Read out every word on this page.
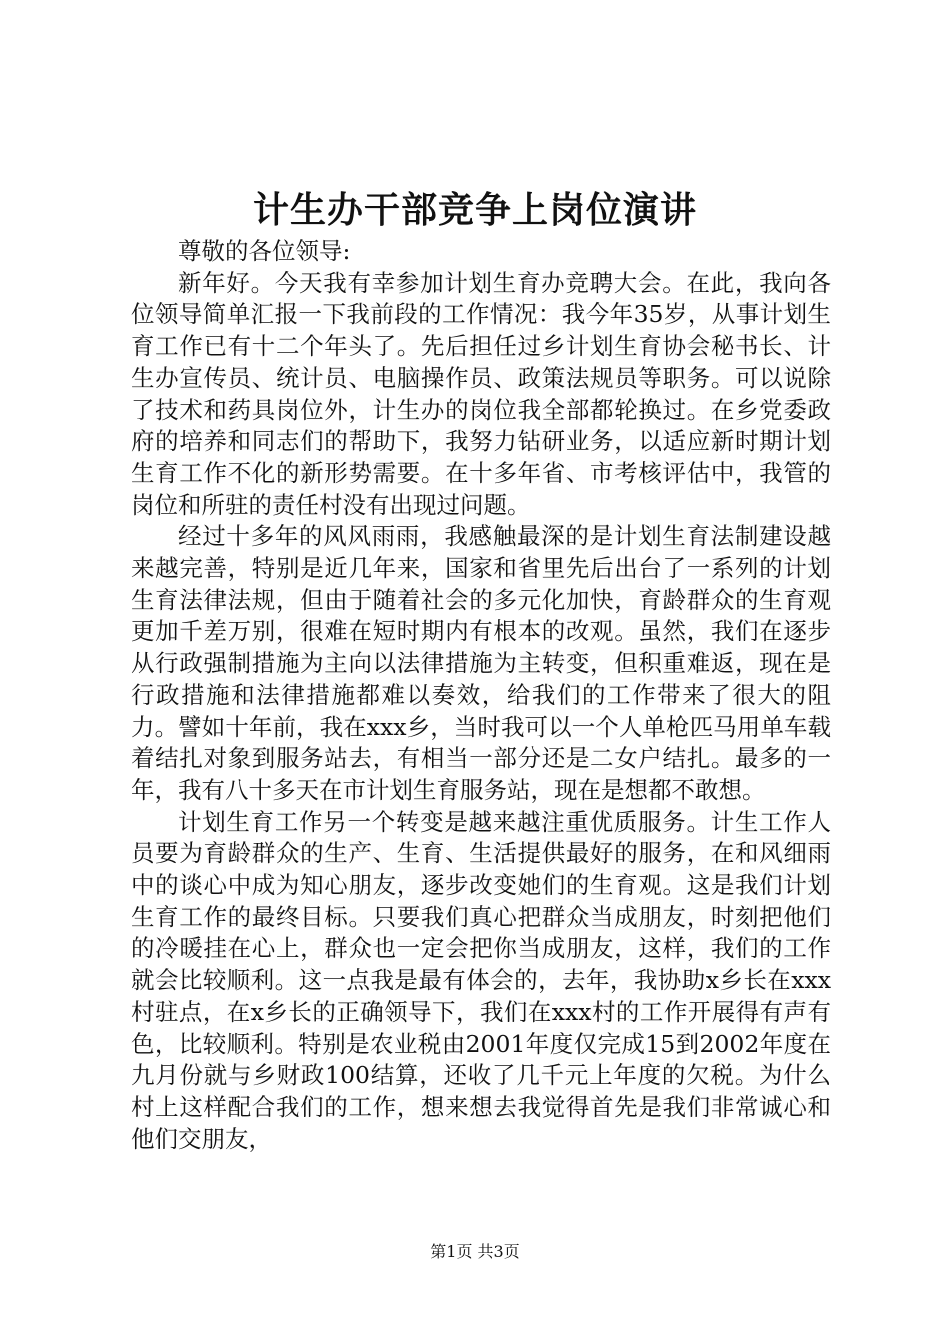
计生办干部竞争上岗位演讲

尊敬的各位领导:

新年好。今天我有幸参加计划生育办竞聘大会。在此，我向各位领导简单汇报一下我前段的工作情况：我今年35岁，从事计划生育工作已有十二个年头了。先后担任过乡计划生育协会秘书长、计生办宣传员、统计员、电脑操作员、政策法规员等职务。可以说除了技术和药具岗位外，计生办的岗位我全部都轮换过。在乡党委政府的培养和同志们的帮助下，我努力钻研业务，以适应新时期计划生育工作不化的新形势需要。在十多年省、市考核评估中，我管的岗位和所驻的责任村没有出现过问题。

经过十多年的风风雨雨，我感触最深的是计划生育法制建设越来越完善，特别是近几年来，国家和省里先后出台了一系列的计划生育法律法规，但由于随着社会的多元化加快，育龄群众的生育观更加千差万别，很难在短时期内有根本的改观。虽然，我们在逐步从行政强制措施为主向以法律措施为主转变，但积重难返，现在是行政措施和法律措施都难以奏效，给我们的工作带来了很大的阻力。譬如十年前，我在xxx乡，当时我可以一个人单枪匹马用单车载着结扎对象到服务站去，有相当一部分还是二女户结扎。最多的一年，我有八十多天在市计划生育服务站，现在是想都不敢想。

计划生育工作另一个转变是越来越注重优质服务。计生工作人员要为育龄群众的生产、生育、生活提供最好的服务，在和风细雨中的谈心中成为知心朋友，逐步改变她们的生育观。这是我们计划生育工作的最终目标。只要我们真心把群众当成朋友，时刻把他们的冷暖挂在心上，群众也一定会把你当成朋友，这样，我们的工作就会比较顺利。这一点我是最有体会的，去年，我协助x乡长在xxx村驻点，在x乡长的正确领导下，我们在xxx村的工作开展得有声有色，比较顺利。特别是农业税由2001年度仅完成15到2002年度在九月份就与乡财政100结算，还收了几千元上年度的欠税。为什么村上这样配合我们的工作，想来想去我觉得首先是我们非常诚心和他们交朋友，

第1页 共3页
